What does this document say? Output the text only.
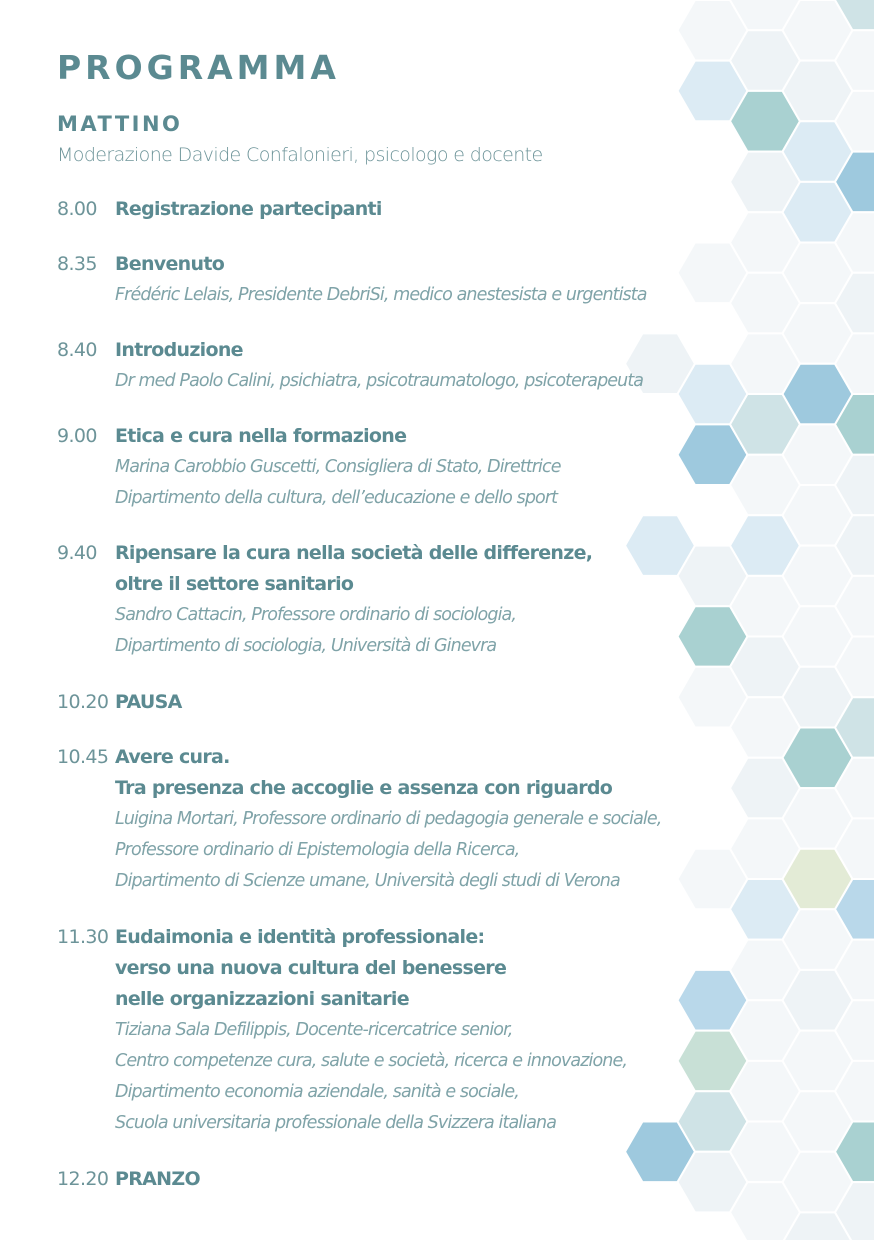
PROGRAMMA
MATTINO

Moderazione Davide Confalonieri, psicologo e docente

8.00 Registrazione partecipanti
8.35 Benvenuto
Frédéric Lelais, Presidente DebriSi, medico anestesista e urgentista
8.40 Introduzione
Dr med Paolo Calini, psichiatra, psicotraumatologo, psicoterapeuta
9.00 Etica e cura nella formazione
Marina Carobbio Guscetti, Consigliera di Stato, Direttrice
Dipartimento della cultura, dell’educazione e dello sport
9.40 Ripensare la cura nella società delle differenze,
oltre il settore sanitario
Sandro Cattacin, Professore ordinario di sociologia,
Dipartimento di sociologia, Università di Ginevra
10.20 PAUSA
10.45 Avere cura.
Tra presenza che accoglie e assenza con riguardo
Luigina Mortari, Professore ordinario di pedagogia generale e sociale,
Professore ordinario di Epistemologia della Ricerca,
Dipartimento di Scienze umane, Università degli studi di Verona
11.30 Eudaimonia e identità professionale:
verso una nuova cultura del benessere
nelle organizzazioni sanitarie
Tiziana Sala Defilippis, Docente-ricercatrice senior,
Centro competenze cura, salute e società, ricerca e innovazione,
Dipartimento economia aziendale, sanità e sociale,
Scuola universitaria professionale della Svizzera italiana
12.20 PRANZO
